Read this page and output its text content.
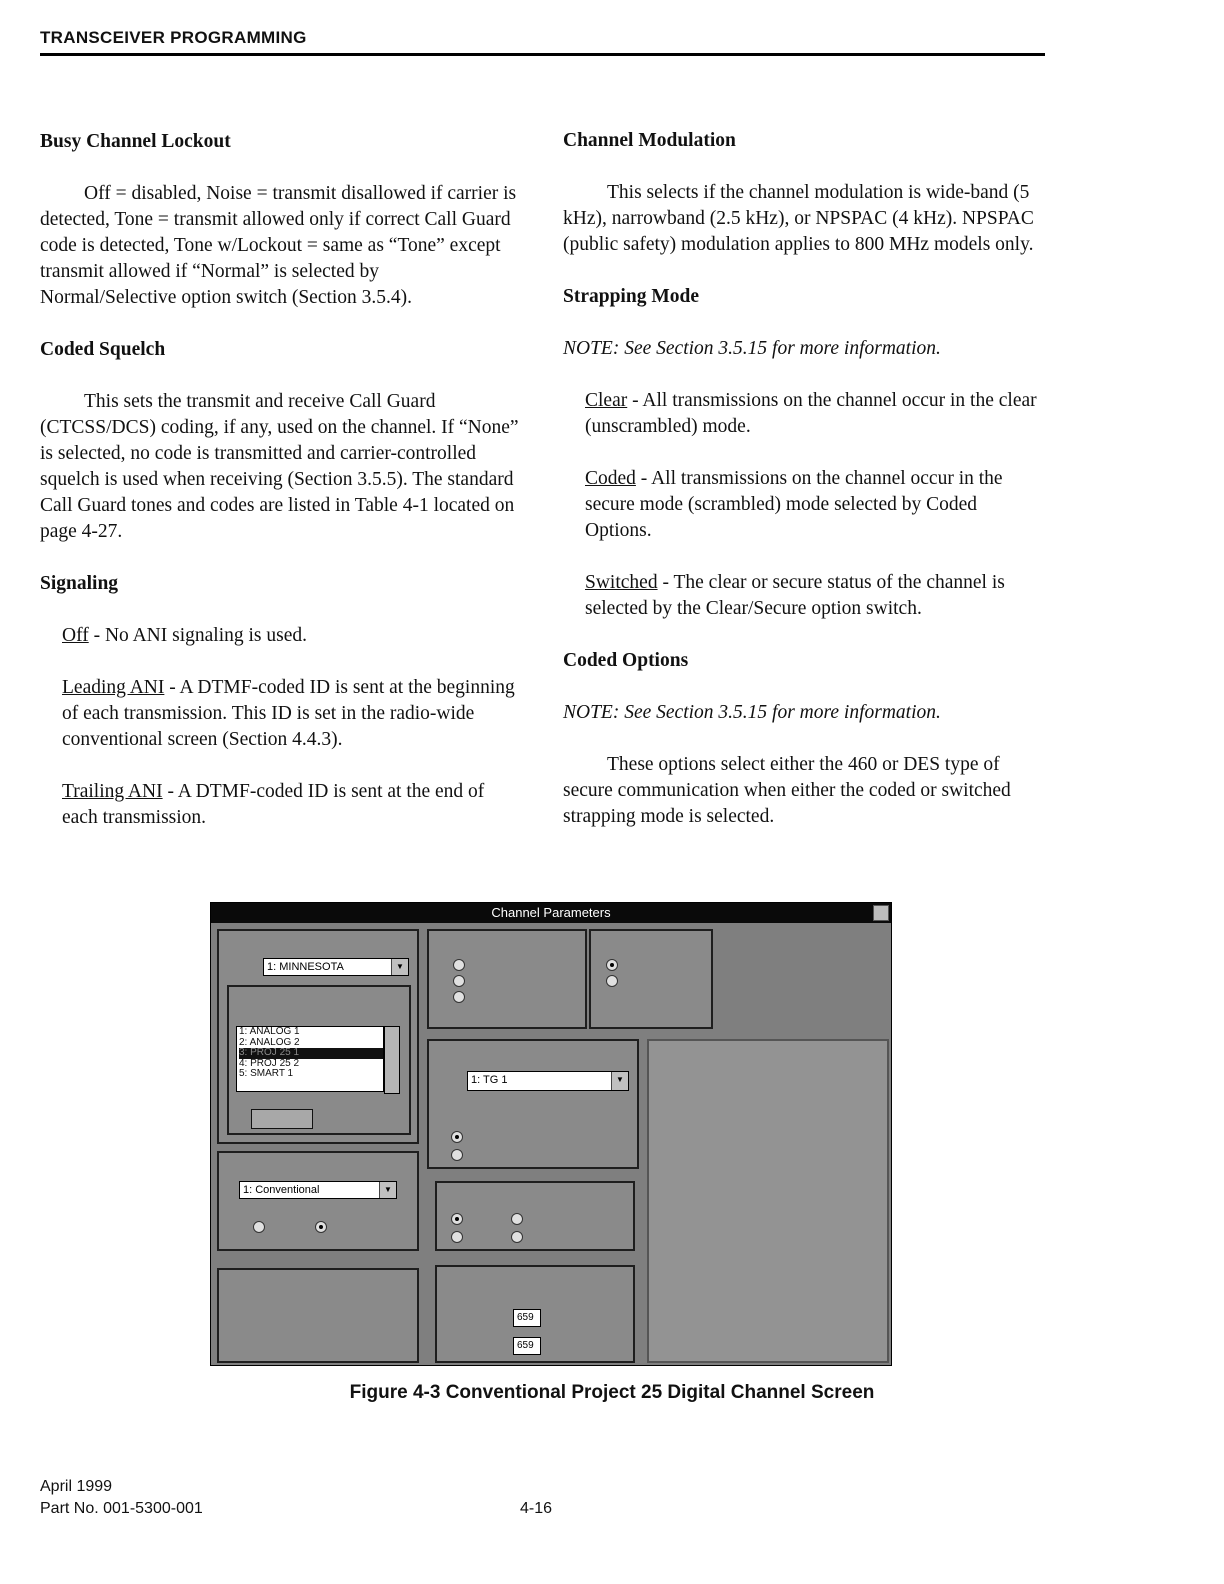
TRANSCEIVER PROGRAMMING
Busy Channel Lockout

Off = disabled, Noise = transmit disallowed if carrier is detected, Tone = transmit allowed only if correct Call Guard code is detected, Tone w/Lockout = same as “Tone” except transmit allowed if “Normal” is selected by Normal/Selective option switch (Section 3.5.4).

Coded Squelch

This sets the transmit and receive Call Guard (CTCSS/DCS) coding, if any, used on the channel. If “None” is selected, no code is transmitted and carrier-controlled squelch is used when receiving (Section 3.5.5). The standard Call Guard tones and codes are listed in Table 4-1 located on page 4-27.

Signaling

Off - No ANI signaling is used.

Leading ANI - A DTMF-coded ID is sent at the beginning of each transmission. This ID is set in the radio-wide conventional screen (Section 4.4.3).

Trailing ANI - A DTMF-coded ID is sent at the end of each transmission.

Channel Modulation

This selects if the channel modulation is wide-band (5 kHz), narrowband (2.5 kHz), or NPSPAC (4 kHz). NPSPAC (public safety) modulation applies to 800 MHz models only.

Strapping Mode

NOTE: See Section 3.5.15 for more information.

Clear - All transmissions on the channel occur in the clear (unscrambled) mode.

Coded - All transmissions on the channel occur in the secure mode (scrambled) mode selected by Coded Options.

Switched - The clear or secure status of the channel is selected by the Clear/Secure option switch.

Coded Options

NOTE: See Section 3.5.15 for more information.

These options select either the 460 or DES type of secure communication when either the coded or switched strapping mode is selected.

Channel Parameters
1: MINNESOTA	▼
1: ANALOG 1
2: ANALOG 2
3: PROJ 25 1
4: PROJ 25 2
5: SMART 1
1: Conventional	▼
1: TG 1	▼
659
659
Figure 4-3 Conventional Project 25 Digital Channel Screen
April 1999
Part No. 001-5300-001	4-16
